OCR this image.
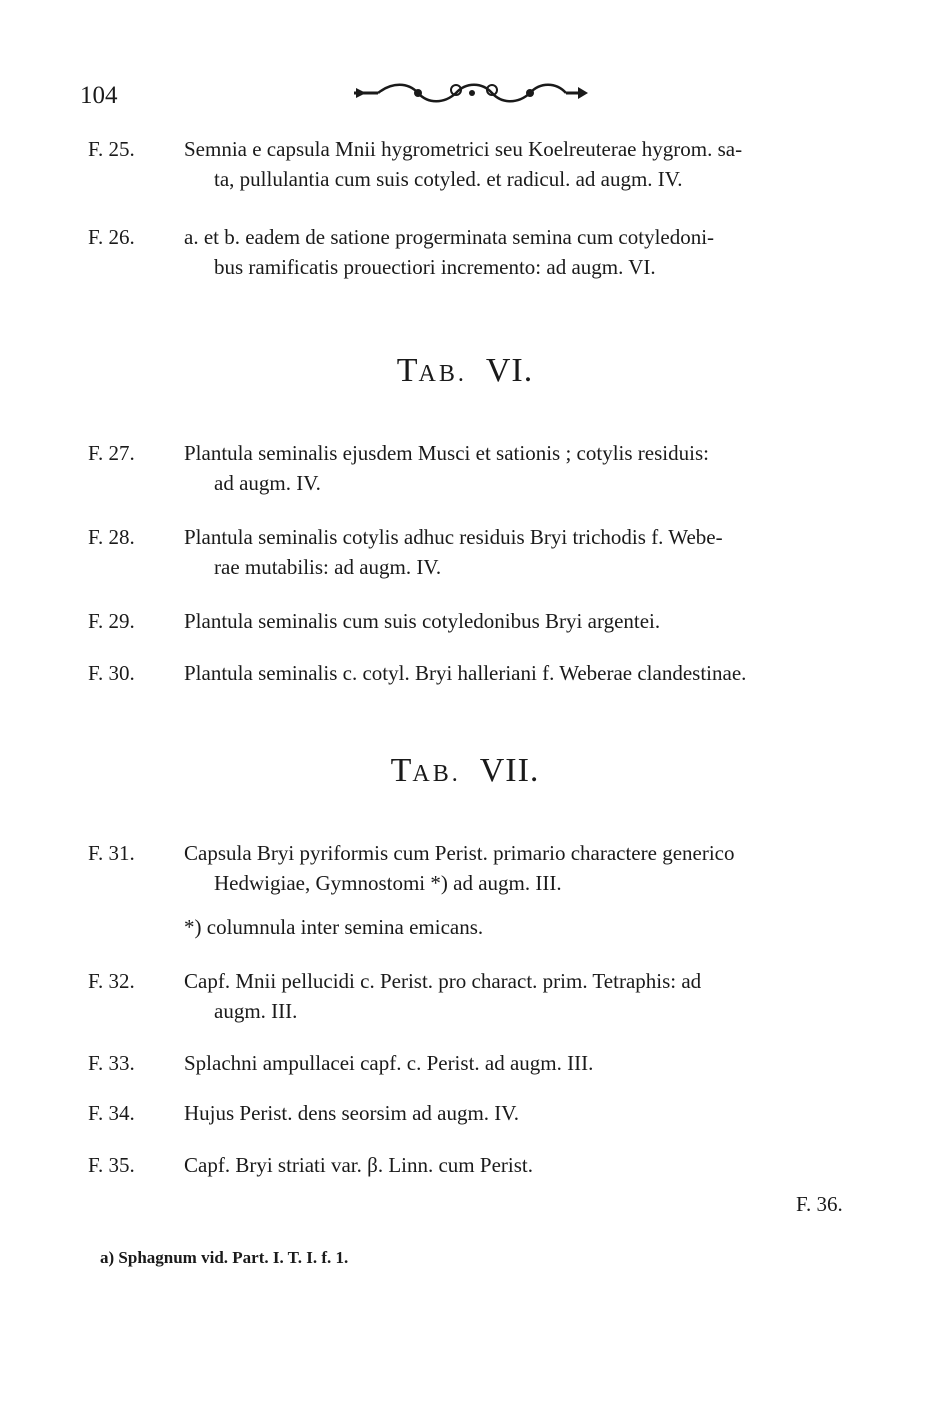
104
F. 25.	Semnia e capsula Mnii hygrometrici seu Koelreuterae hygrom. sa-
ta, pullulantia cum suis cotyled. et radicul. ad augm. IV.
F. 26.	a. et b. eadem de satione progerminata semina cum cotyledoni-
bus ramificatis prouectiori incremento: ad augm. VI.
TAB. VI.
F. 27.	Plantula seminalis ejusdem Musci et sationis ; cotylis residuis:
ad augm. IV.
F. 28.	Plantula seminalis cotylis adhuc residuis Bryi trichodis f. Webe-
rae mutabilis: ad augm. IV.
F. 29.	Plantula seminalis cum suis cotyledonibus Bryi argentei.
F. 30.	Plantula seminalis c. cotyl. Bryi halleriani f. Weberae clandestinae.
TAB. VII.
F. 31.	Capsula Bryi pyriformis cum Perist. primario charactere generico
Hedwigiae, Gymnostomi *) ad augm. III.
*) columnula inter semina emicans.
F. 32.	Capf. Mnii pellucidi c. Perist. pro charact. prim. Tetraphis: ad
augm. III.
F. 33.	Splachni ampullacei capf. c. Perist. ad augm. III.
F. 34.	Hujus Perist. dens seorsim ad augm. IV.
F. 35.	Capf. Bryi striati var. β. Linn. cum Perist.
F. 36.
a) Sphagnum vid. Part. I. T. I. f. 1.
